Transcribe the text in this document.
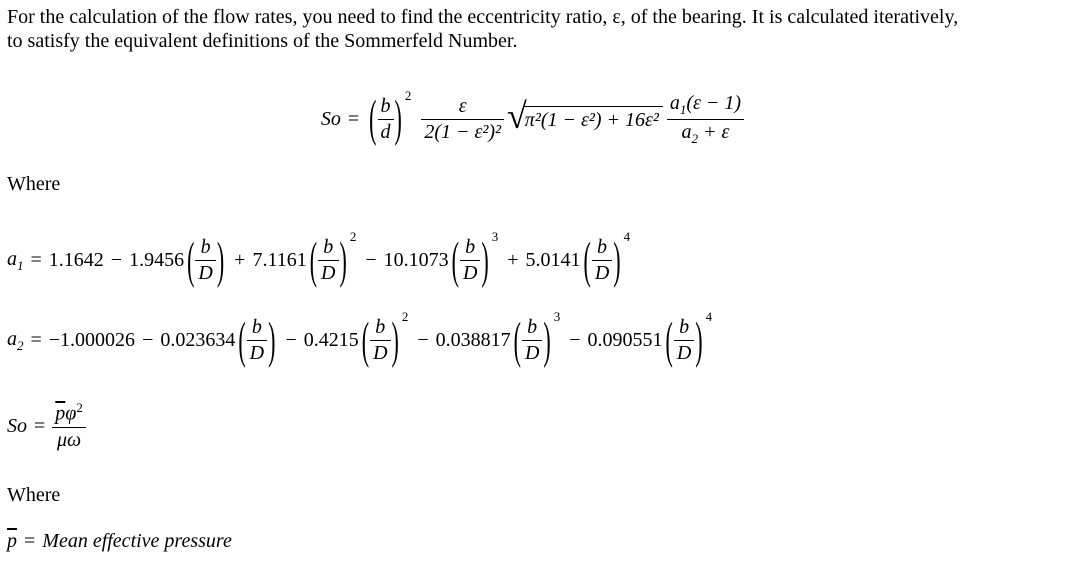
For the calculation of the flow rates, you need to find the eccentricity ratio, ε, of the bearing. It is calculated iteratively,
to satisfy the equivalent definitions of the Sommerfeld Number.
So = ( $\frac{b}{d}$ ) $2 \frac{\varepsilon}{\text{2(1 − ε²)²}}$ √
$\pi^2(1 - \varepsilon^2) + 16\varepsilon^2 \frac{a_1(\varepsilon - 1)}{a_2 + \varepsilon}$
Where
$a_1 = 1.1642 - 1.9456$ ( $\frac{b}{D}$ ) + 7.1161 ( $\frac{b}{D}$ ) 2
− 10.1073 ( $\frac{b}{D}$ ) 3
+ 5.0141 ( $\frac{b}{D}$ ) 4
$a_2 = -1.000026 - 0.023634$ ( $\frac{b}{D}$ ) − 0.4215 ( $\frac{b}{D}$ ) 2
− 0.038817 ( $\frac{b}{D}$ ) 3
− 0.090551 ( $\frac{b}{D}$ ) 4
$So = \frac{\overline{p}\varphi^2}{\mu\omega}$
Where
$\overline{p}$ = Mean effective pressure
